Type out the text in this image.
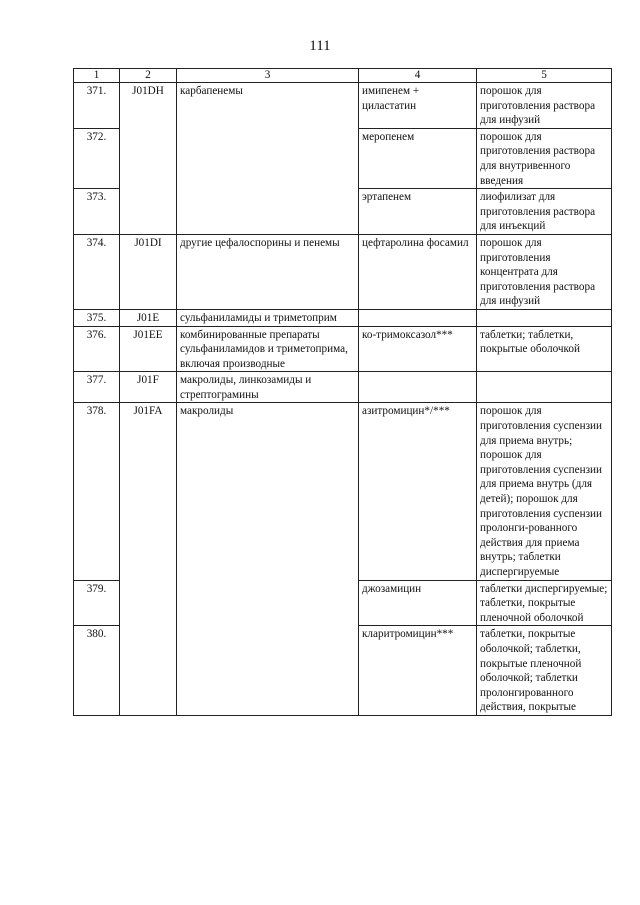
111
1	2	3	4	5
371.	J01DH	карбапенемы	имипенем + циластатин	порошок для приготовления раствора для инфузий
372.			меропенем	порошок для приготовления раствора для внутривенного введения
373.			эртапенем	лиофилизат для приготовления раствора для инъекций
374.	J01DI	другие цефалоспорины и пенемы	цефтаролина фосамил	порошок для приготовления концентрата для приготовления раствора для инфузий
375.	J01E	сульфаниламиды и триметоприм		
376.	J01EE	комбинированные препараты сульфаниламидов и триметоприма, включая производные	ко-тримоксазол***	таблетки; таблетки, покрытые оболочкой
377.	J01F	макролиды, линкозамиды и стрептограмины		
378.	J01FA	макролиды	азитромицин*/***	порошок для приготовления суспензии для приема внутрь; порошок для приготовления суспензии для приема внутрь (для детей); порошок для приготовления суспензии пролонги-рованного действия для приема внутрь; таблетки диспергируемые
379.			джозамицин	таблетки диспергируемые; таблетки, покрытые пленочной оболочкой
380.			кларитромицин***	таблетки, покрытые оболочкой; таблетки, покрытые пленочной оболочкой; таблетки пролонгированного действия, покрытые
